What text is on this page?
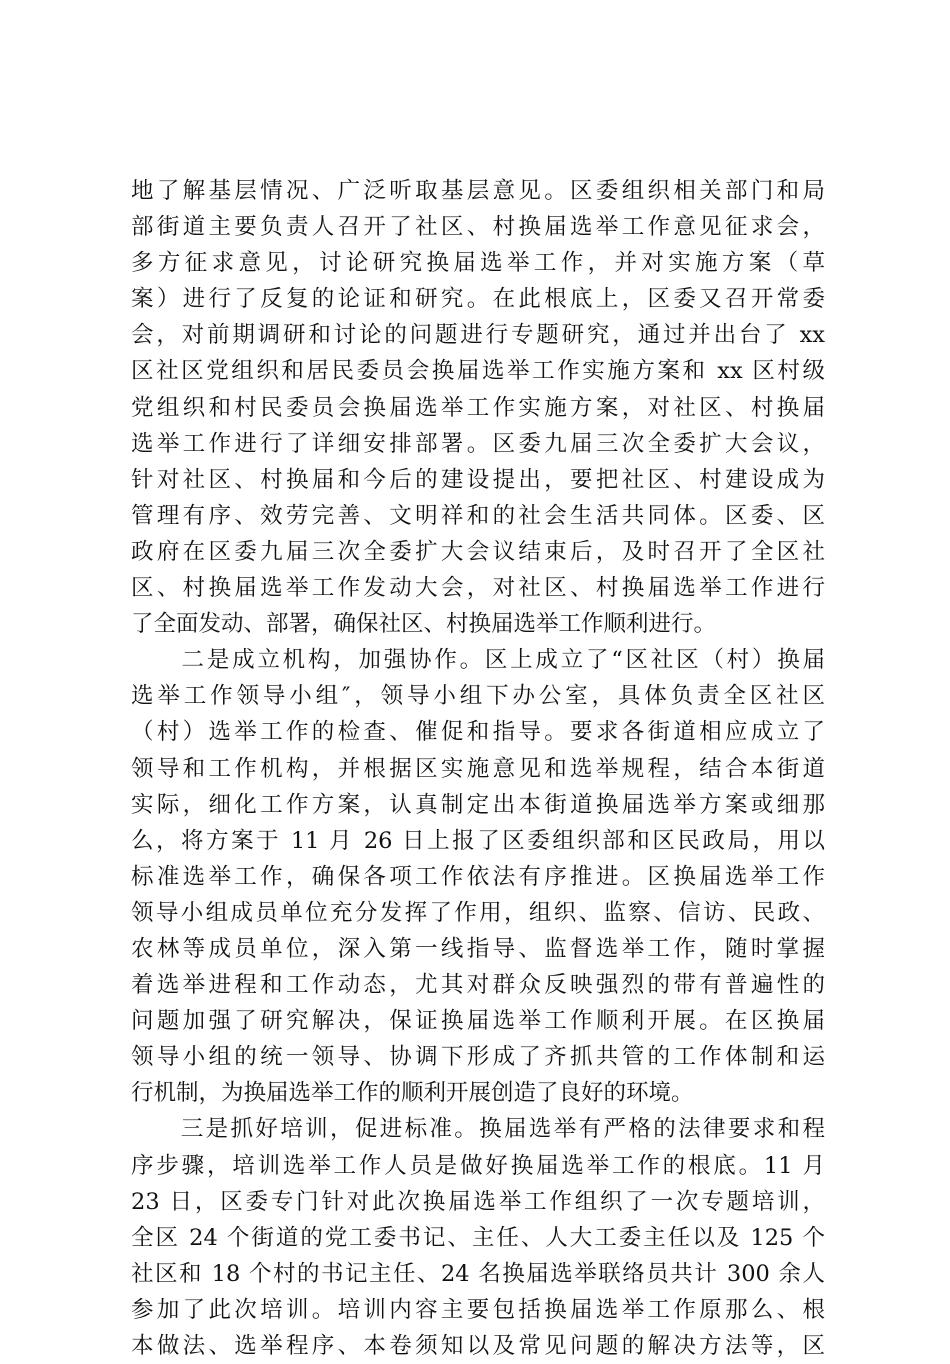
地了解基层情况、广泛听取基层意见。区委组织相关部门和局
部街道主要负责人召开了社区、村换届选举工作意见征求会，
多方征求意见，讨论研究换届选举工作，并对实施方案（草
案）进行了反复的论证和研究。在此根底上，区委又召开常委
会，对前期调研和讨论的问题进行专题研究，通过并出台了 xx
区社区党组织和居民委员会换届选举工作实施方案和 xx 区村级
党组织和村民委员会换届选举工作实施方案，对社区、村换届
选举工作进行了详细安排部署。区委九届三次全委扩大会议，
针对社区、村换届和今后的建设提出，要把社区、村建设成为
管理有序、效劳完善、文明祥和的社会生活共同体。区委、区
政府在区委九届三次全委扩大会议结束后，及时召开了全区社
区、村换届选举工作发动大会，对社区、村换届选举工作进行
了全面发动、部署，确保社区、村换届选举工作顺利进行。
　　二是成立机构，加强协作。区上成立了“区社区（村）换届
选举工作领导小组″，领导小组下办公室，具体负责全区社区
（村）选举工作的检查、催促和指导。要求各街道相应成立了
领导和工作机构，并根据区实施意见和选举规程，结合本街道
实际，细化工作方案，认真制定出本街道换届选举方案或细那
么，将方案于 11 月 26 日上报了区委组织部和区民政局，用以
标准选举工作，确保各项工作依法有序推进。区换届选举工作
领导小组成员单位充分发挥了作用，组织、监察、信访、民政、
农林等成员单位，深入第一线指导、监督选举工作，随时掌握
着选举进程和工作动态，尤其对群众反映强烈的带有普遍性的
问题加强了研究解决，保证换届选举工作顺利开展。在区换届
领导小组的统一领导、协调下形成了齐抓共管的工作体制和运
行机制，为换届选举工作的顺利开展创造了良好的环境。
　　三是抓好培训，促进标准。换届选举有严格的法律要求和程
序步骤，培训选举工作人员是做好换届选举工作的根底。11 月
23 日，区委专门针对此次换届选举工作组织了一次专题培训，
全区 24 个街道的党工委书记、主任、人大工委主任以及 125 个
社区和 18 个村的书记主任、24 名换届选举联络员共计 300 余人
参加了此次培训。培训内容主要包括换届选举工作原那么、根
本做法、选举程序、本卷须知以及常见问题的解决方法等，区
